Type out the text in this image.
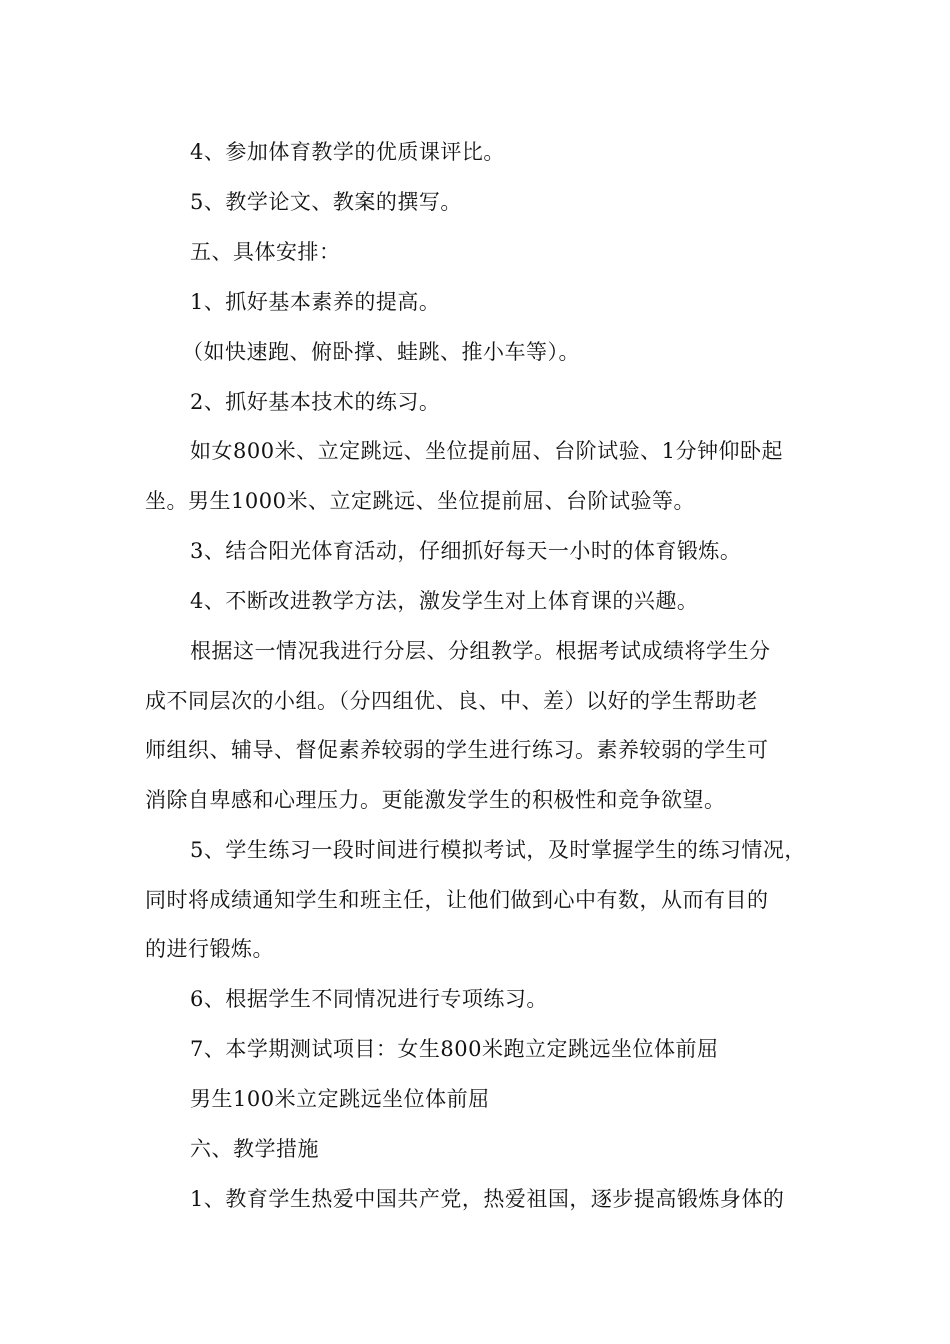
4、参加体育教学的优质课评比。
5、教学论文、教案的撰写。
五、具体安排：
1、抓好基本素养的提高。
（如快速跑、俯卧撑、蛙跳、推小车等）。
2、抓好基本技术的练习。
如女800米、立定跳远、坐位提前屈、台阶试验、1分钟仰卧起
坐。男生1000米、立定跳远、坐位提前屈、台阶试验等。
3、结合阳光体育活动，仔细抓好每天一小时的体育锻炼。
4、不断改进教学方法，激发学生对上体育课的兴趣。
根据这一情况我进行分层、分组教学。根据考试成绩将学生分
成不同层次的小组。（分四组优、良、中、差）以好的学生帮助老
师组织、辅导、督促素养较弱的学生进行练习。素养较弱的学生可
消除自卑感和心理压力。更能激发学生的积极性和竞争欲望。
5、学生练习一段时间进行模拟考试，及时掌握学生的练习情况，
同时将成绩通知学生和班主任，让他们做到心中有数，从而有目的
的进行锻炼。
6、根据学生不同情况进行专项练习。
7、本学期测试项目：女生800米跑立定跳远坐位体前屈
男生100米立定跳远坐位体前屈
六、教学措施
1、教育学生热爱中国共产党，热爱祖国，逐步提高锻炼身体的
